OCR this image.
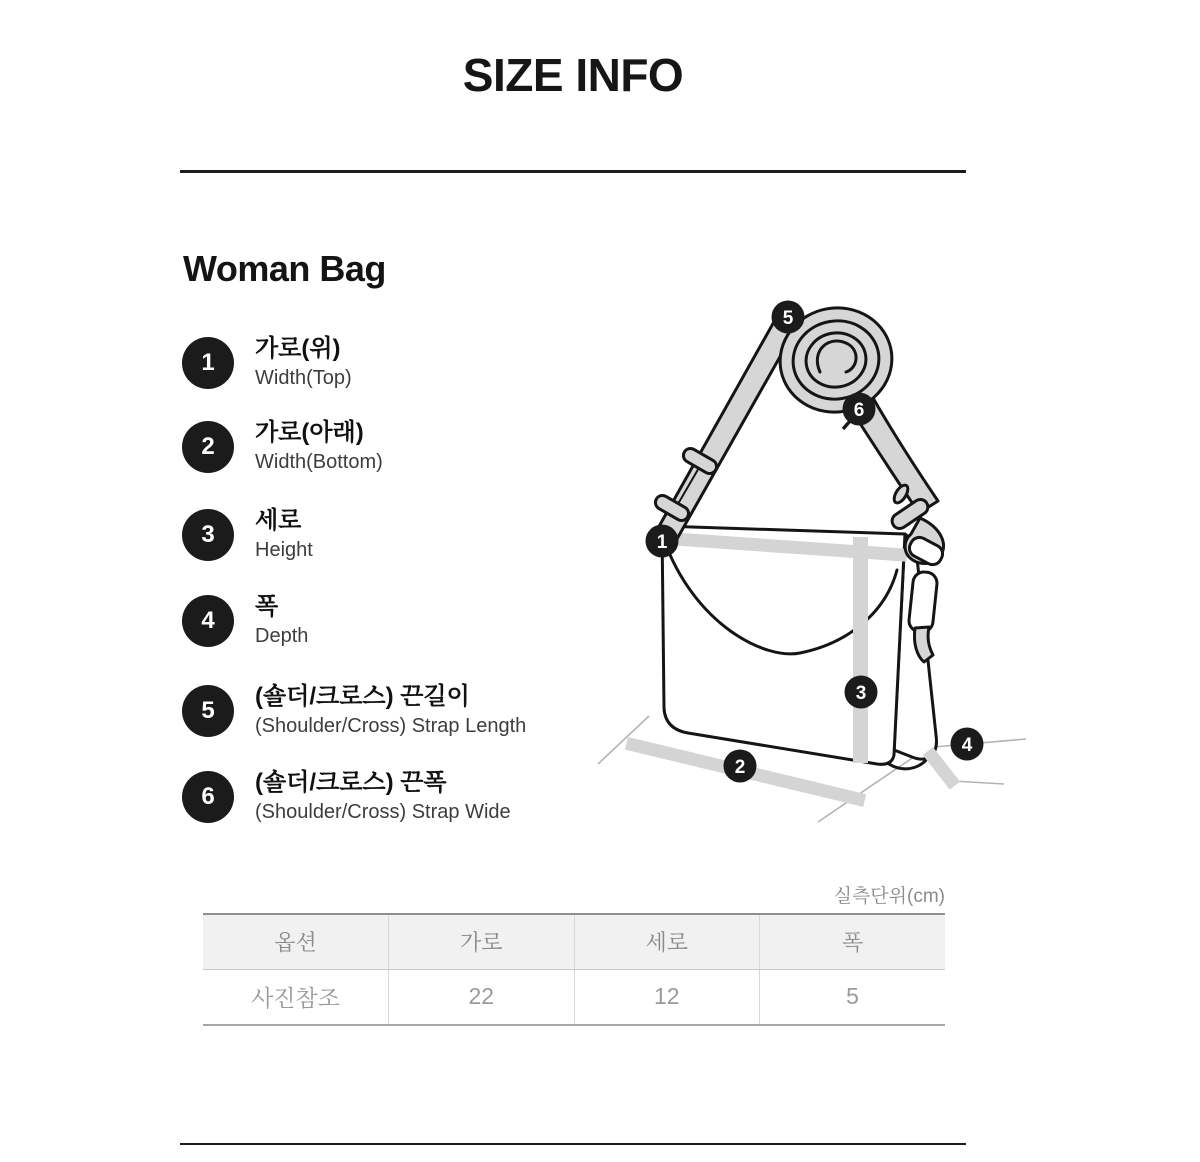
SIZE INFO
Woman Bag
1
가로(위)
Width(Top)
2
가로(아래)
Width(Bottom)
3
세로
Height
4
폭
Depth
5
(숄더/크로스) 끈길이
(Shoulder/Cross) Strap Length
6
(숄더/크로스) 끈폭
(Shoulder/Cross) Strap Wide
1
2
3
4
5
6
실측단위(cm)
옵션	가로	세로	폭
사진참조	22	12	5
